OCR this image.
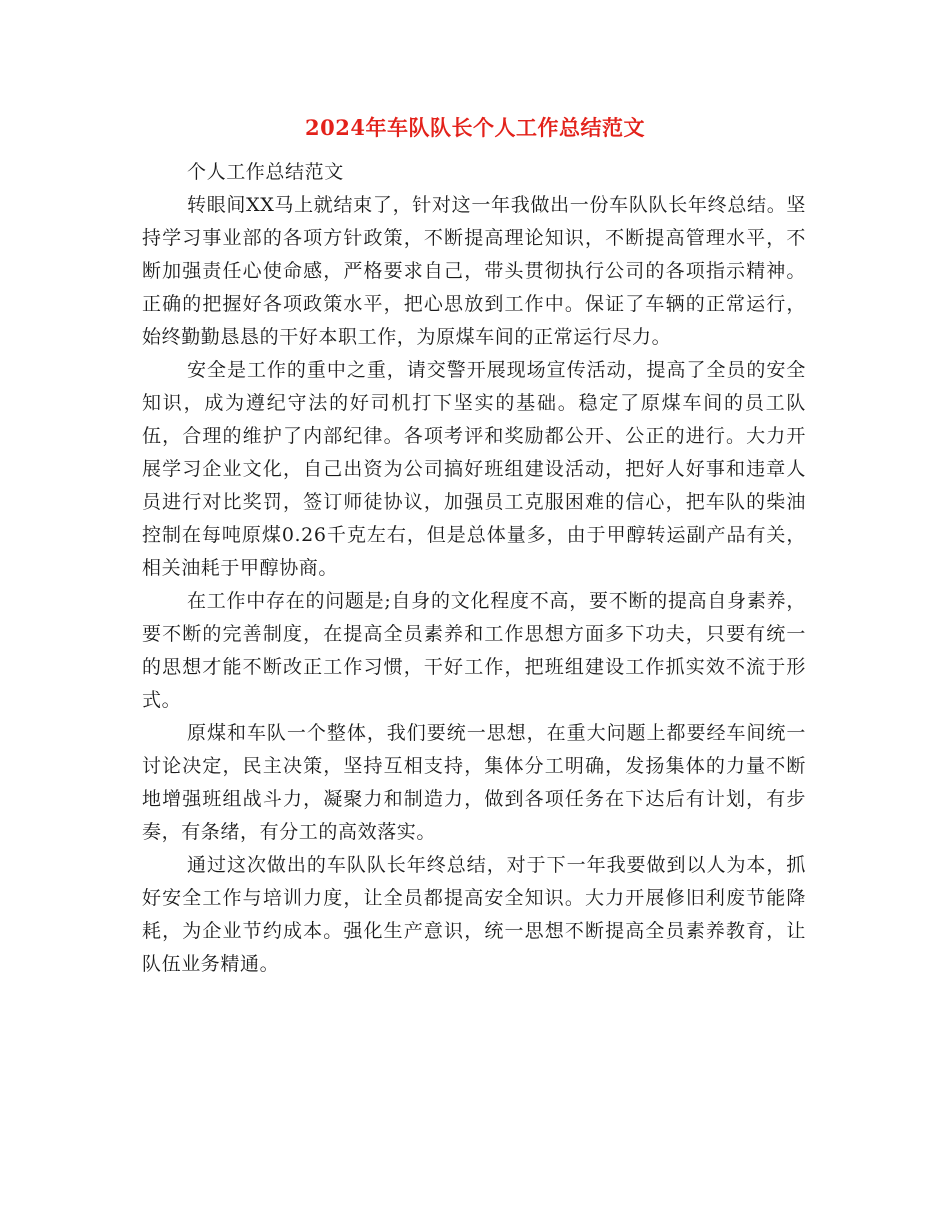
2024年车队队长个人工作总结范文

个人工作总结范文

转眼间XX马上就结束了，针对这一年我做出一份车队队长年终总结。坚持学习事业部的各项方针政策，不断提高理论知识，不断提高管理水平，不断加强责任心使命感，严格要求自己，带头贯彻执行公司的各项指示精神。正确的把握好各项政策水平，把心思放到工作中。保证了车辆的正常运行，始终勤勤恳恳的干好本职工作，为原煤车间的正常运行尽力。

安全是工作的重中之重，请交警开展现场宣传活动，提高了全员的安全知识，成为遵纪守法的好司机打下坚实的基础。稳定了原煤车间的员工队伍，合理的维护了内部纪律。各项考评和奖励都公开、公正的进行。大力开展学习企业文化，自己出资为公司搞好班组建设活动，把好人好事和违章人员进行对比奖罚，签订师徒协议，加强员工克服困难的信心，把车队的柴油控制在每吨原煤0.26千克左右，但是总体量多，由于甲醇转运副产品有关，相关油耗于甲醇协商。

在工作中存在的问题是;自身的文化程度不高，要不断的提高自身素养，要不断的完善制度，在提高全员素养和工作思想方面多下功夫，只要有统一的思想才能不断改正工作习惯，干好工作，把班组建设工作抓实效不流于形式。

原煤和车队一个整体，我们要统一思想，在重大问题上都要经车间统一讨论决定，民主决策，坚持互相支持，集体分工明确，发扬集体的力量不断地增强班组战斗力，凝聚力和制造力，做到各项任务在下达后有计划，有步奏，有条绪，有分工的高效落实。

通过这次做出的车队队长年终总结，对于下一年我要做到以人为本，抓好安全工作与培训力度，让全员都提高安全知识。大力开展修旧利废节能降耗，为企业节约成本。强化生产意识，统一思想不断提高全员素养教育，让队伍业务精通。
